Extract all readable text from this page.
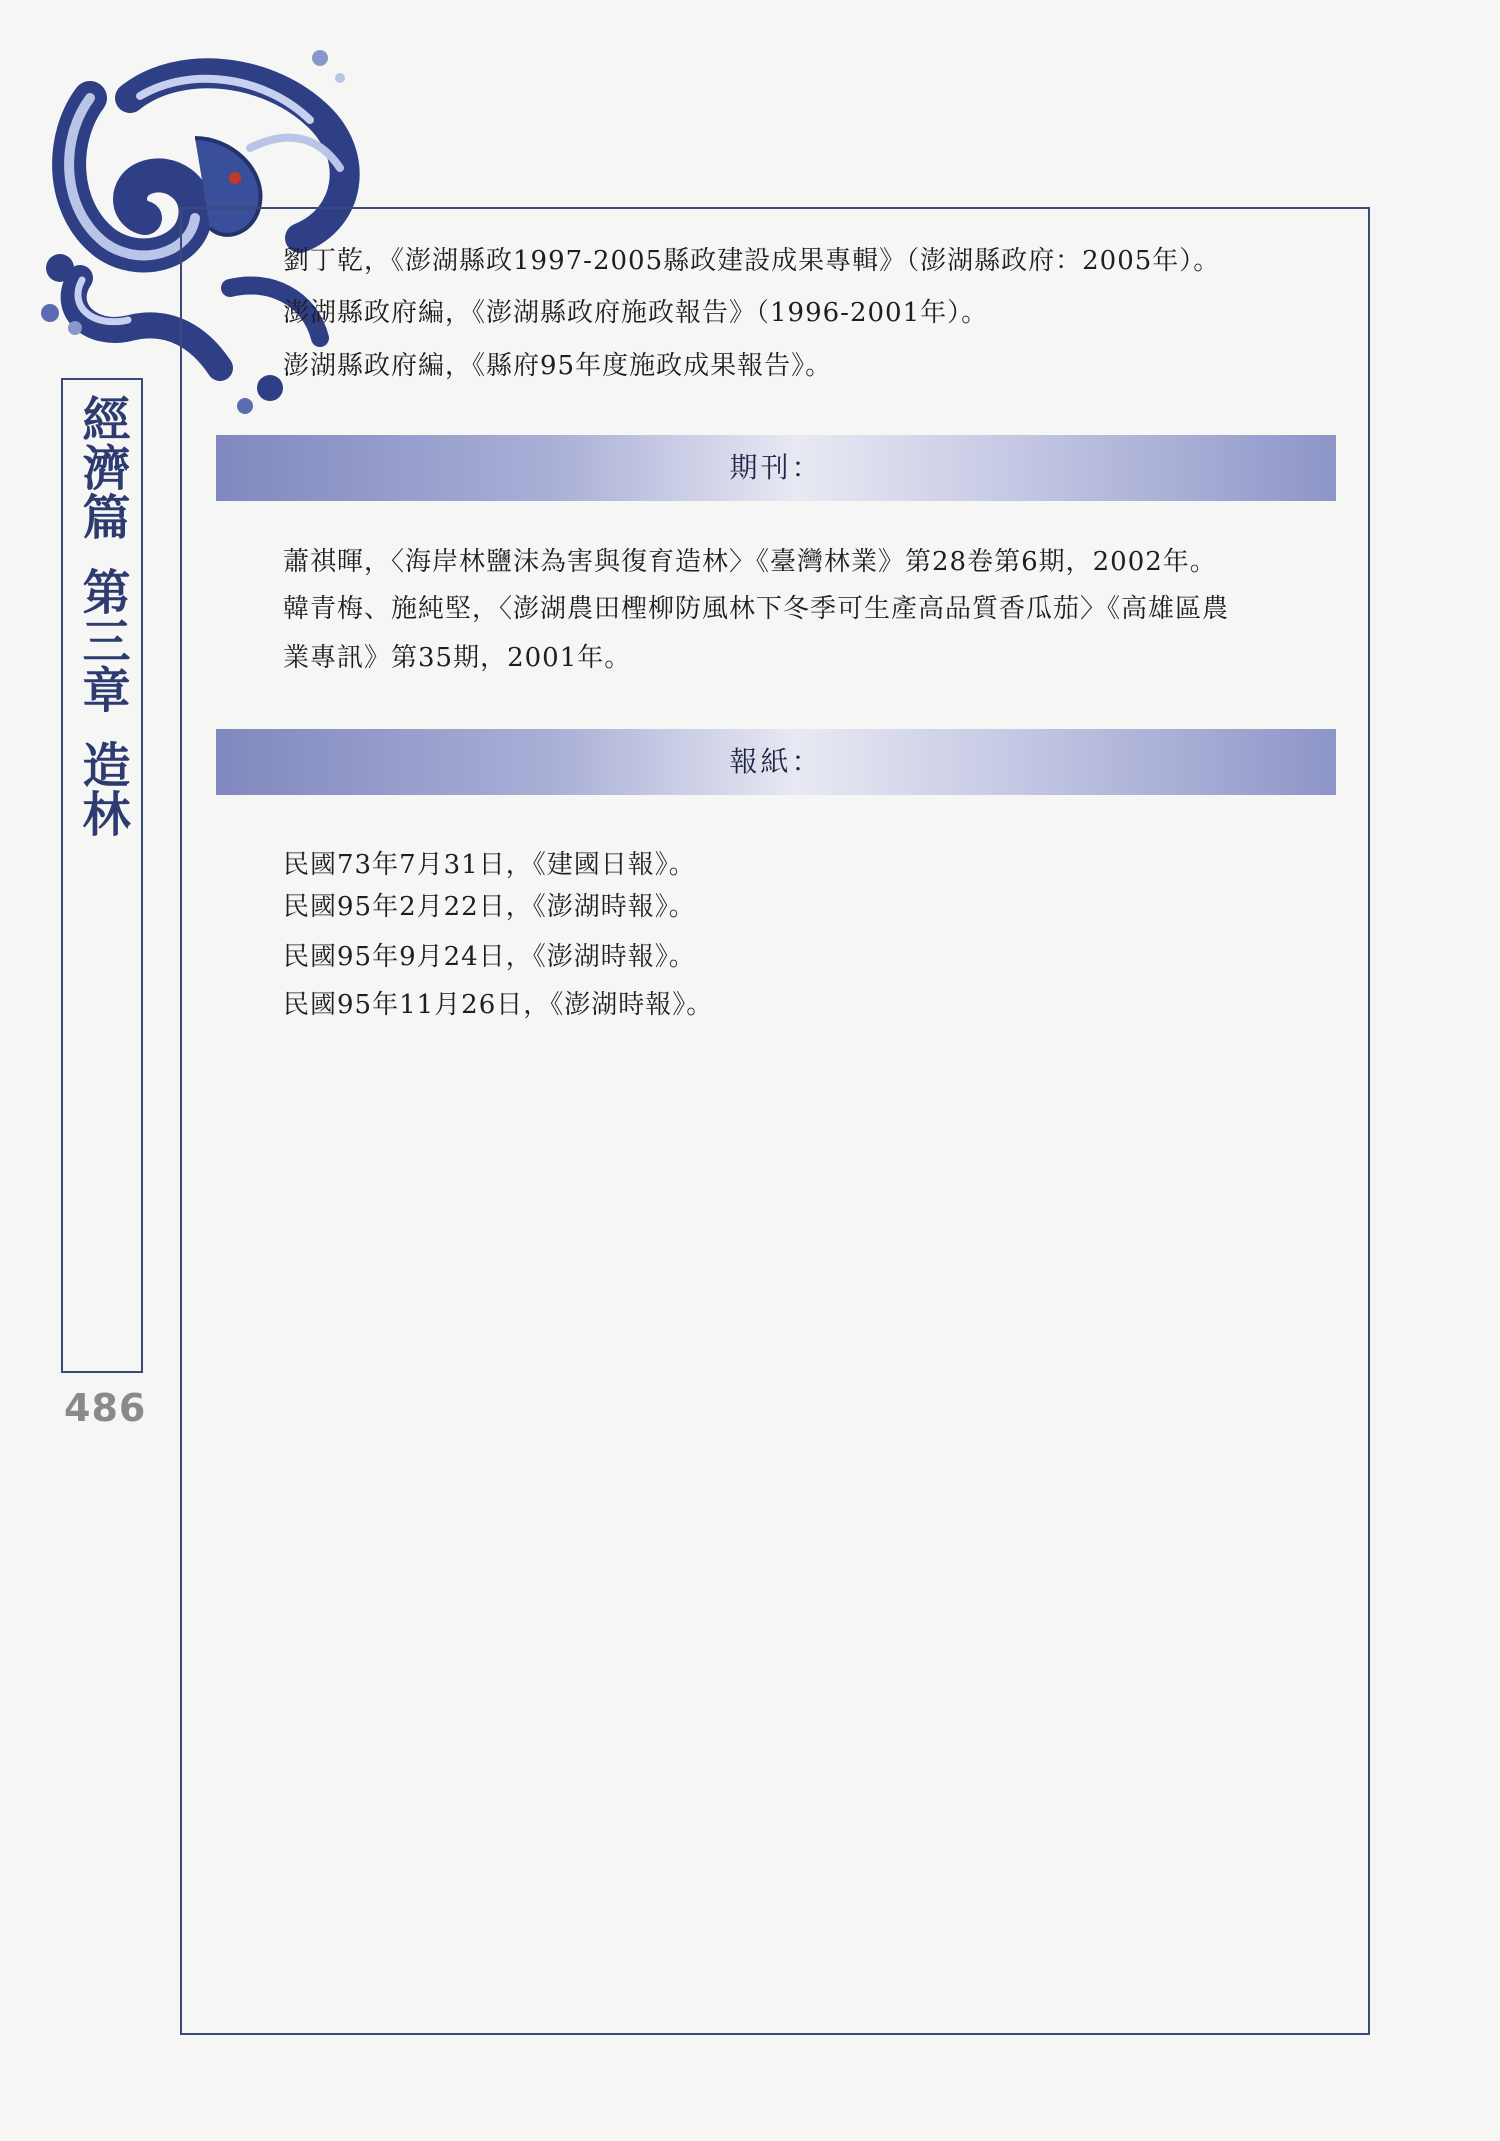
經濟篇
第三章
造林
486
劉丁乾，《澎湖縣政1997-2005縣政建設成果專輯》（澎湖縣政府：2005年）。
澎湖縣政府編，《澎湖縣政府施政報告》（1996-2001年）。
澎湖縣政府編，《縣府95年度施政成果報告》。
期刊：
蕭祺暉，〈海岸林鹽沫為害與復育造林〉《臺灣林業》第28卷第6期，2002年。
韓青梅、施純堅，〈澎湖農田檉柳防風林下冬季可生產高品質香瓜茄〉《高雄區農
業專訊》第35期，2001年。
報紙：
民國73年7月31日，《建國日報》。
民國95年2月22日，《澎湖時報》。
民國95年9月24日，《澎湖時報》。
民國95年11月26日，《澎湖時報》。
